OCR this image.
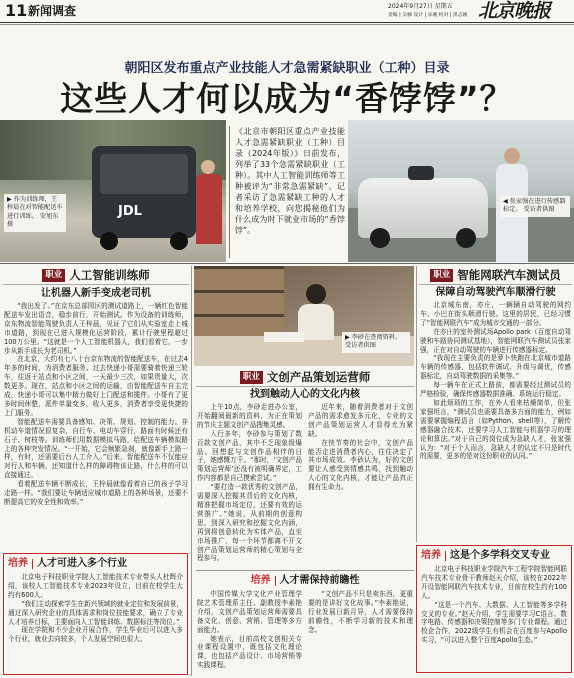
11 新闻调查	2024年9月27日 星期五
责编 | 吴楠 设计 | 宋溪 校对 | 黑志刚 北京晚报
朝阳区发布重点产业技能人才急需紧缺职业（工种）目录
这些人才何以成为“香饽饽”？
JDL
▶ 作为训练师，王梓晨在对智能配送车进行训练。 安旭东 摄
《北京市朝阳区重点产业技能人才急需紧缺职业（工种）目录（2024年版）》日前发布，列举了33个急需紧缺职业（工种）。其中人工智能训练师等工种被评为“非常急需紧缺”。记者采访了急需紧缺工种的人才和培养学校，向您揭秘他们为什么成为时下就业市场的“香饽饽”。
◀ 张家强在进行传感器标定。 受访者供图
职业 人工智能训练师
让机器人新手变成老司机

“我出发了。”在京东总部园区的测试道路上，一辆红色智能配送车发出语音，稳步前行，开始测试。作为设备的训练师，京东物流智能驾驶负责人王梓晨，见证了它们从实验室走上城市道路，到现在已进入规模化运营阶段，累计行驶里程超过100万公里。“这就是一个人工智能机器人，我们看着它，一步步从新手成长为老司机。”

在北京，大约有七八十台京东物流的智能配送车，在过去4年多的时间，为消费者服务。过去快递小哥需要骑着快递三轮车，往返于站点和小区之间，一天最少三次，如果货量大，次数更多。现在，站点和小区之间的运输，由智能配送车自主完成，快递小哥可以集中精力做好上门配送和揽件。小哥有了更多时间休整，派件单量变多，收入更多，消费者享受更快捷的上门服务。

智能配送车需要具备感知、决策、规划、控制的能力。非机动车道情况很复杂，自行车、电动车穿行，路面有时候还有石子、树枝等。训练师们用数据模拟马路，给配送车辆模拟路上的各种突发情况。“一开始，它会频繁急刹，就像新手上路一样，有时，还需要后台人工介入。”后来，智能配送车不仅能应对行人和车辆，还知道什么样的障碍物该让路，什么样的可以直接通过。

看着配送车辆不断成长，王梓晨就像看着自己的孩子学习走路一样。“我们要让车辆适应城市道路上的各种场景，还要不断提高它的安全性和效率。”

培养 人才可进入多个行业

北京电子科技职业学院人工智能技术专业带头人杜辉介绍，该校人工智能技术专业2023年设立，目前在校学生大约有600人。

“我们主动探索学生在新兴领域的就业定位和发展前景，通过深入研究企业的具体需求和岗位技能要求，确立了专业人才培养目标，主要面向人工智能训练、数据标注等岗位。”

现在学院和不少企业开展合作，学生毕业后可以进入多个行业，就业去向较多，个人发展空间也很大。

▶ 李砂在查阅资料。 受访者供图
职业 文创产品策划运营师
找到触动人心的文化内核

上午10点，李砂走进办公室，开始翻阅最新的资料，为正在策划的节庆主题文创产品搜集灵感。

入行多年，李砂参与策划了数百款文创产品，其中不乏现象级爆品。回想起与文创作品相伴的日子，她感慨万千。“那时，‘文创产品策划运营师’还没有被明确界定，工作内容都是自己摸索尝试。”

“要打造一款优秀的文创产品，需要深入挖掘其背后的文化内核，精准把握市场定位，还要有效的运营推广。”她说，从前期的创意构思，到深入研究和挖掘文化内涵，再到将创意转化为实体产品，直至市场推广，每一个环节都离不开文创产品策划运营师的精心策划与全程参与。

近年来，随着消费者对于文创产品的需求愈发多元化，专业的文创产品策划运营人才显得尤为紧缺。

在快节奏的社会中，文创产品能否走进消费者内心，往往决定了其市场成效。李砂认为，好的文创要让人感受到情感共鸣，找到触动人心的文化内核，才能让产品真正拥有生命力。

培养 人才需保持前瞻性

中国传媒大学文化产业管理学院艺术管理系主任、副教授李素艳介绍，文创产品策划运营师需要具备文化、创意、营销、管理等多方面能力。

她表示，目前高校文创相关专业课程设置中，既包括文化理论课，也包括产品设计、市场营销等实践课程。

“文创产品不只是卖东西，更重要的是讲好文化故事。”李素艳说，行业发展日新月异，人才需要保持前瞻性，不断学习新的技术和理念。

职业 智能网联汽车测试员
保障自动驾驶汽车顺滑行驶

北京城东南，亦庄，一辆辆自动驾驶的网约车、小巴在街头顺滑行驶。这里的居民，已经习惯了“智能网联汽车”成为城市交通的一部分。

在亦庄的室外测试场Apollo park（百度自动驾驶和车路协同测试基地），智能网联汽车测试员张家强，正在对自动驾驶的车辆进行传感器标定。

“我现在主要负责的是萝卜快跑在北京城市道路车辆的传感器，包括软件调试、升级与调优，传感器标定，自动驾驶数据的采集等。”

每一辆车在正式上路前，都需要经过测试员的严格检验，确保传感器数据准确、系统运行稳定。

如此烦琐的工作，在外人看来枯燥简单，但张家强坦言，“测试员也需要具备多方面的能力，例如需要掌握编程语言（如Python、shell等），了解传感器融合技术，还要学习人工智能与机器学习的理论和算法。”对于自己的岗位成为急缺人才，张家强认为：“对于个人而言，急缺人才的认定不只是时代的需要，更多的是对这份职业的认同。”

培养 这是个多学科交叉专业

北京电子科技职业学院汽车工程学院智能网联汽车技术专业骨干教师赵天介绍，该校在2022年开设智能网联汽车技术专业，目前在校生约有100人。

“这是一个汽车、大数据、人工智能等多学科交叉的专业。”赵天介绍，学生需要学习C语言、数字电路、传感器和决策控制等多门专业课程。通过校企合作，2022级学生有机会在百度参与Apollo实习，“可以进入整个百度Apollo生态。”
